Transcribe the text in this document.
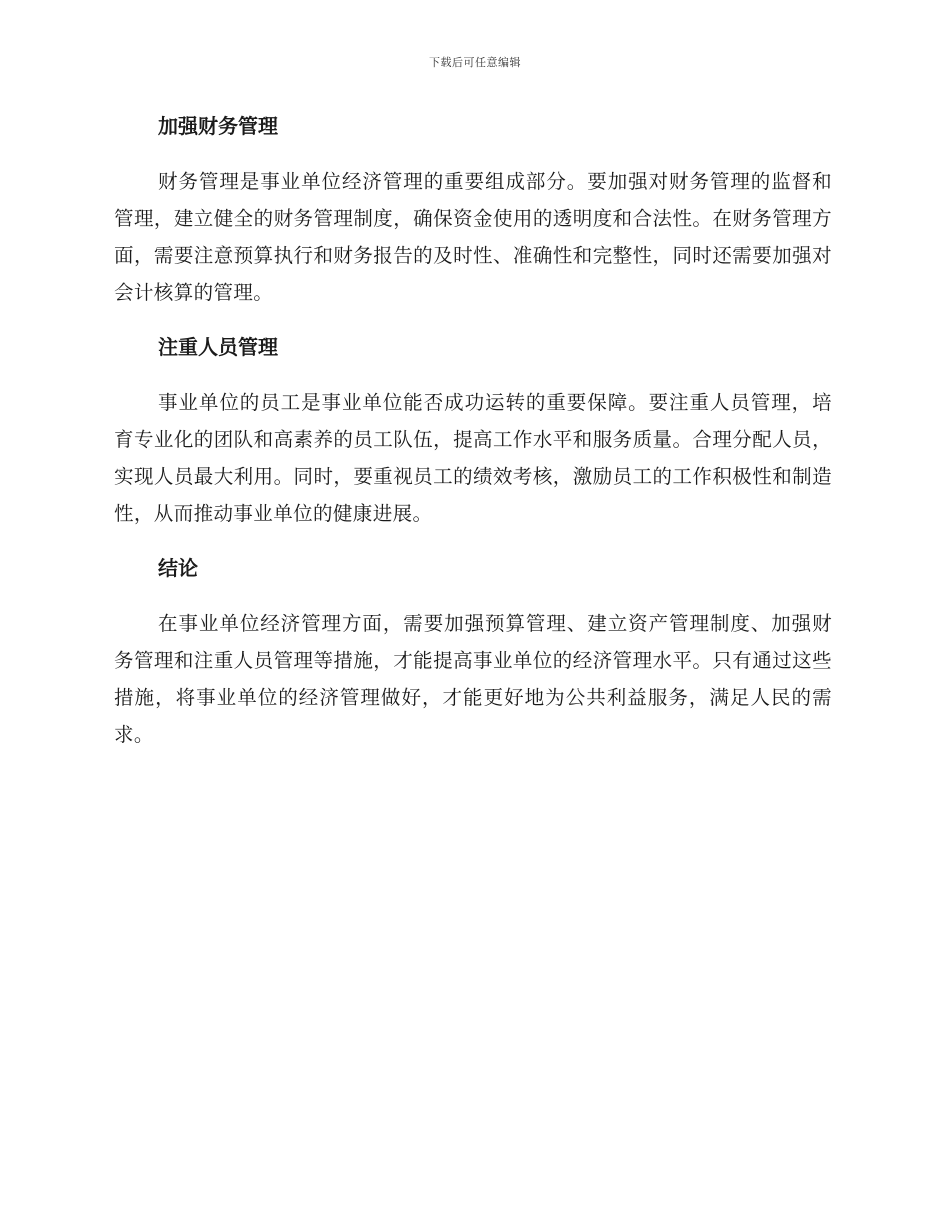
下载后可任意编辑
加强财务管理

财务管理是事业单位经济管理的重要组成部分。要加强对财务管理的监督和管理，建立健全的财务管理制度，确保资金使用的透明度和合法性。在财务管理方面，需要注意预算执行和财务报告的及时性、准确性和完整性，同时还需要加强对会计核算的管理。

注重人员管理

事业单位的员工是事业单位能否成功运转的重要保障。要注重人员管理，培育专业化的团队和高素养的员工队伍，提高工作水平和服务质量。合理分配人员，实现人员最大利用。同时，要重视员工的绩效考核，激励员工的工作积极性和制造性，从而推动事业单位的健康进展。

结论

在事业单位经济管理方面，需要加强预算管理、建立资产管理制度、加强财务管理和注重人员管理等措施，才能提高事业单位的经济管理水平。只有通过这些措施，将事业单位的经济管理做好，才能更好地为公共利益服务，满足人民的需求。
